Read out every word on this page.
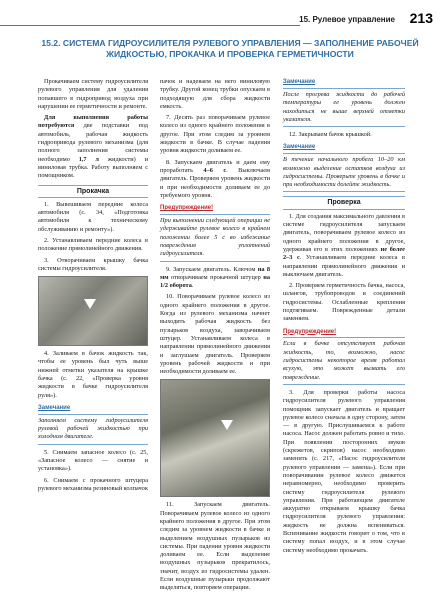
15. Рулевое управление 213
15.2. СИСТЕМА ГИДРОУСИЛИТЕЛЯ РУЛЕВОГО УПРАВЛЕНИЯ — ЗАПОЛНЕНИЕ РАБОЧЕЙ ЖИДКОСТЬЮ, ПРОКАЧКА И ПРОВЕРКА ГЕРМЕТИЧНОСТИ

Прокачиваем систему гидроусилителя рулевого управления для удаления попавшего в гидропривод воздуха при нарушении ее герметичности и ремонте.

Для выполнения работы потребуются две подставки под автомобиль, рабочая жидкость гидропривода рулевого механизма (для полного заполнения системы необходимо 1,7 л жидкости) и виниловая трубка. Работу выполняем с помощником.

Прокачка

1. Вывешиваем передние колеса автомобиля (с. 34, «Подготовка автомобиля к техническому обслуживанию и ремонту»).

2. Устанавливаем передние колеса в положение прямолинейного движения.

3. Отворачиваем крышку бачка системы гидроусилителя.

4. Заливаем в бачок жидкость так, чтобы ее уровень был чуть выше нижней отметки указателя на крышке бачка (с. 22, «Проверка уровня жидкости в бачке гидроусилителя руля»).

Замечание
Заполняем систему гидроусилителя рулевой рабочей жидкостью при холодном двигателе.

5. Снимаем запасное колесо (с. 25, «Запасное колесо — снятие и установка»).

6. Снимаем с прокачного штуцера рулевого механизма резиновый колпачок

пачок и надеваем на него виниловую трубку. Другой конец трубки опускаем в подходящую для сбора жидкости емкость.

7. Десять раз поворачиваем рулевое колесо из одного крайнего положения в другое. При этом следим за уровнем жидкости в бачке. В случае падения уровня жидкости доливаем ее.

8. Запускаем двигатель и даем ему проработать 4–6 с. Выключаем двигатель. Проверяем уровень жидкости и при необходимости доливаем ее до требуемого уровня.

Предупреждение!
При выполнении следующей операции не удерживайте рулевое колесо в крайнем положении более 5 с во избежание повреждения уплотнений гидроусилителя.

9. Запускаем двигатель. Ключом на 8 мм отворачиваем прокачной штуцер на 1/2 оборота.

10. Поворачиваем рулевое колесо из одного крайнего положения в другое. Когда из рулевого механизма начнет выходить рабочая жидкость без пузырьков воздуха, заворачиваем штуцер. Устанавливаем колеса в направлении прямолинейного движения и заглушаем двигатель. Проверяем уровень рабочей жидкости и при необходимости доливаем ее.

11. Запускаем двигатель. Поворачиваем рулевое колесо из одного крайнего положения в другое. При этом следим за уровнем жидкости в бачке и выделением воздушных пузырьков из системы. При падении уровня жидкости доливаем ее. Если выделение воздушных пузырьков прекратилось, значит, воздух из гидросистемы удален. Если воздушные пузырьки продолжают выделяться, повторяем операции.

Замечание
После прогрева жидкости до рабочей температуры ее уровень должен находиться не выше верхней отметки указателя.

12. Закрываем бачок крышкой.

Замечание
В течение начального пробега 10–20 км возможно выделение остатков воздуха из гидросистемы. Проверьте уровень в бачке и при необходимости долейте жидкость.
Проверка

1. Для создания максимального давления в системе гидроусилителя запускаем двигатель, поворачиваем рулевое колесо из одного крайнего положения в другое, удерживая его в этих положениях не более 2–3 с. Устанавливаем передние колеса в направлении прямолинейного движения и выключаем двигатель.

2. Проверяем герметичность бачка, насоса, шлангов, трубопроводов и соединений гидросистемы. Ослабленные крепления подтягиваем. Поврежденные детали заменяем.

Предупреждение!
Если в бачке отсутствует рабочая жидкость, то, возможно, насос гидросистемы некоторое время работал всухую, это может вызвать его повреждение.

3. Для проверки работы насоса гидроусилителя рулевого управления помощник запускает двигатель и вращает рулевое колесо сначала в одну сторону, затем — в другую. Прислушиваемся к работе насоса. Насос должен работать ровно и тихо. При появлении посторонних звуков (скрежетов, скрипов) насос необходимо заменить (с. 217, «Насос гидроусилителя рулевого управления — замена»). Если при поворачивании рулевое колесо движется неравномерно, необходимо проверить систему гидроусилителя рулевого управления. При работающем двигателе аккуратно открываем крышку бачка гидроусилителя рулевого управления: жидкость не должна вспениваться. Вспенивание жидкости говорит о том, что в систему попал воздух, и в этом случае систему необходимо прокачать.
